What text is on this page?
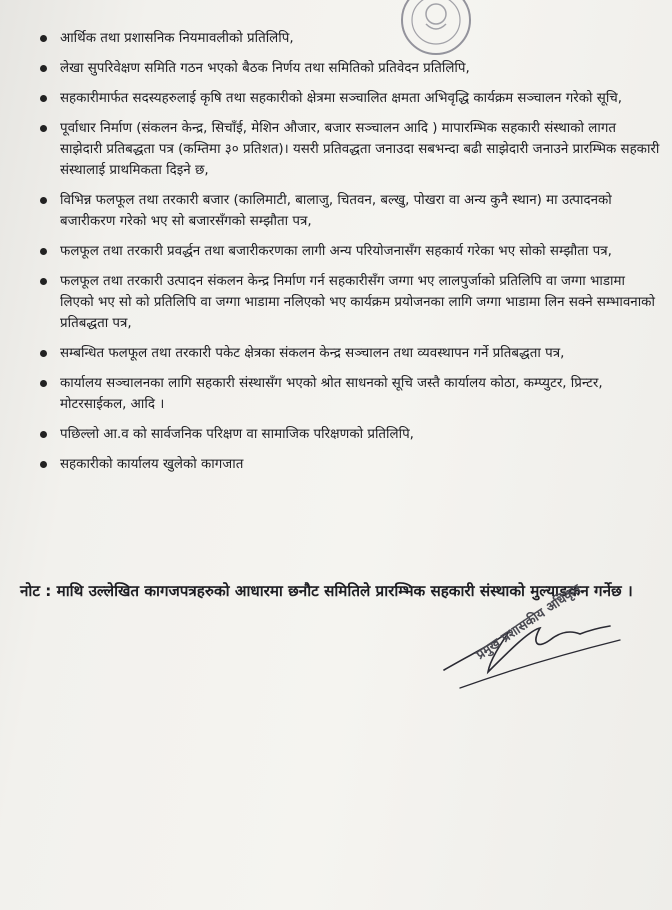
आर्थिक तथा प्रशासनिक नियमावलीको प्रतिलिपि,
लेखा सुपरिवेक्षण समिति गठन भएको बैठक निर्णय तथा समितिको प्रतिवेदन प्रतिलिपि,
सहकारीमार्फत सदस्यहरुलाई कृषि तथा सहकारीको क्षेत्रमा सञ्चालित क्षमता अभिवृद्धि कार्यक्रम सञ्चालन गरेको सूचि,
पूर्वाधार निर्माण (संकलन केन्द्र, सिचाँई, मेशिन औजार, बजार सञ्चालन आदि ) मापारम्भिक सहकारी संस्थाको लागत साझेदारी प्रतिबद्धता पत्र (कम्तिमा ३० प्रतिशत)। यसरी प्रतिवद्धता जनाउदा सबभन्दा बढी साझेदारी जनाउने प्रारम्भिक सहकारी संस्थालाई प्राथमिकता दिइने छ,
विभिन्न फलफूल तथा तरकारी बजार (कालिमाटी, बालाजु, चितवन, बल्खु, पोखरा वा अन्य कुनै स्थान) मा उत्पादनको बजारीकरण गरेको भए सो बजारसँगको सम्झौता पत्र,
फलफूल तथा तरकारी प्रवर्द्धन तथा बजारीकरणका लागी अन्य परियोजनासँग सहकार्य गरेका भए सोको सम्झौता पत्र,
फलफूल तथा तरकारी उत्पादन संकलन केन्द्र निर्माण गर्न सहकारीसँग जग्गा भए लालपुर्जाको प्रतिलिपि वा जग्गा भाडामा लिएको भए सो को प्रतिलिपि वा जग्गा भाडामा नलिएको भए कार्यक्रम प्रयोजनका लागि जग्गा भाडामा लिन सक्ने सम्भावनाको प्रतिबद्धता पत्र,
सम्बन्धित फलफूल तथा तरकारी पकेट क्षेत्रका संकलन केन्द्र सञ्चालन तथा व्यवस्थापन गर्ने प्रतिबद्धता पत्र,
कार्यालय सञ्चालनका लागि सहकारी संस्थासँग भएको श्रोत साधनको सूचि जस्तै कार्यालय कोठा, कम्प्युटर, प्रिन्टर, मोटरसाईकल, आदि ।
पछिल्लो आ.व को सार्वजनिक परिक्षण वा सामाजिक परिक्षणको प्रतिलिपि,
सहकारीको कार्यालय खुलेको कागजात

नोट : माथि उल्लेखित कागजपत्रहरुको आधारमा छनौट समितिले प्रारम्भिक सहकारी संस्थाको मुल्याङकन गर्नेछ ।

प्रमुख प्रशासकीय अधिकृत
